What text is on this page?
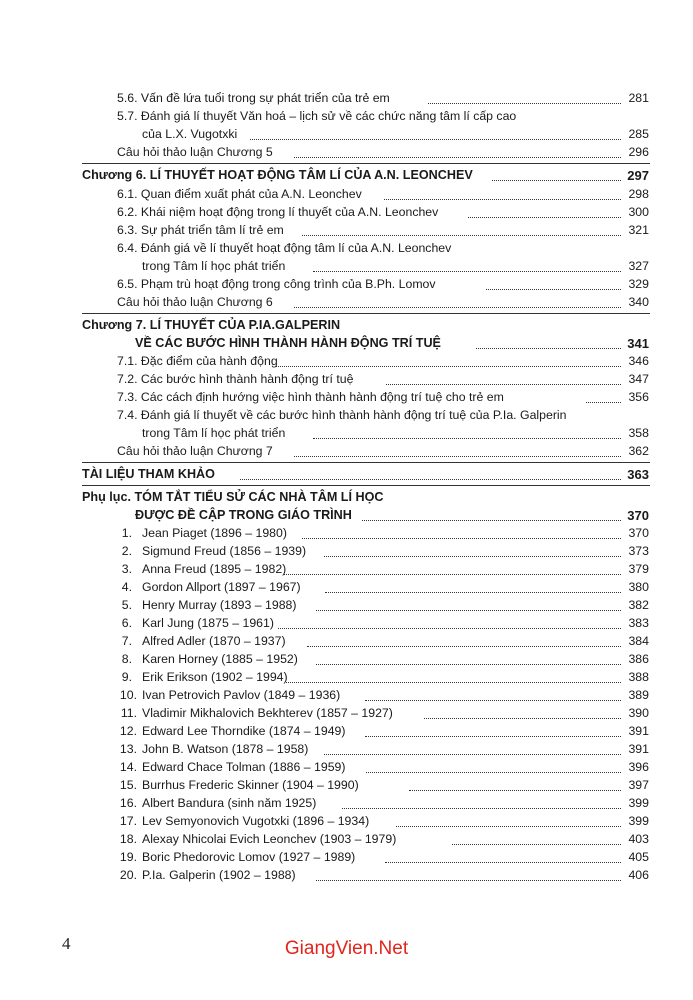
5.6. Vấn đề lứa tuổi trong sự phát triển của trẻ em	281
5.7. Đánh giá lí thuyết Văn hoá – lịch sử về các chức năng tâm lí cấp cao
của L.X. Vugotxki	285
Câu hỏi thảo luận Chương 5	296
Chương 6. LÍ THUYẾT HOẠT ĐỘNG TÂM LÍ CỦA A.N. LEONCHEV	297
6.1. Quan điểm xuất phát của A.N. Leonchev	298
6.2. Khái niệm hoạt động trong lí thuyết của A.N. Leonchev	300
6.3. Sự phát triển tâm lí trẻ em	321
6.4. Đánh giá về lí thuyết hoạt động tâm lí của A.N. Leonchev
trong Tâm lí học phát triển	327
6.5. Phạm trù hoạt động trong công trình của B.Ph. Lomov	329
Câu hỏi thảo luận Chương 6	340
Chương 7. LÍ THUYẾT CỦA P.IA.GALPERIN
VỀ CÁC BƯỚC HÌNH THÀNH HÀNH ĐỘNG TRÍ TUỆ	341
7.1. Đặc điểm của hành động	346
7.2. Các bước hình thành hành động trí tuệ	347
7.3. Các cách định hướng việc hình thành hành động trí tuệ cho trẻ em	356
7.4. Đánh giá lí thuyết về các bước hình thành hành động trí tuệ của P.Ia. Galperin
trong Tâm lí học phát triển	358
Câu hỏi thảo luận Chương 7	362
TÀI LIỆU THAM KHẢO	363
Phụ lục. TÓM TẮT TIỂU SỬ CÁC NHÀ TÂM LÍ HỌC
ĐƯỢC ĐỀ CẬP TRONG GIÁO TRÌNH	370
1. Jean Piaget (1896 – 1980)	370
2. Sigmund Freud (1856 – 1939)	373
3. Anna Freud (1895 – 1982)	379
4. Gordon Allport (1897 – 1967)	380
5. Henry Murray (1893 – 1988)	382
6. Karl Jung (1875 – 1961)	383
7. Alfred Adler (1870 – 1937)	384
8. Karen Horney (1885 – 1952)	386
9. Erik Erikson (1902 – 1994)	388
10. Ivan Petrovich Pavlov (1849 – 1936)	389
11. Vladimir Mikhalovich Bekhterev (1857 – 1927)	390
12. Edward Lee Thorndike (1874 – 1949)	391
13. John B. Watson (1878 – 1958)	391
14. Edward Chace Tolman (1886 – 1959)	396
15. Burrhus Frederic Skinner (1904 – 1990)	397
16. Albert Bandura (sinh năm 1925)	399
17. Lev Semyonovich Vugotxki (1896 – 1934)	399
18. Alexay Nhicolai Evich Leonchev (1903 – 1979)	403
19. Boric Phedorovic Lomov (1927 – 1989)	405
20. P.Ia. Galperin (1902 – 1988)	406
4	GiangVien.Net
